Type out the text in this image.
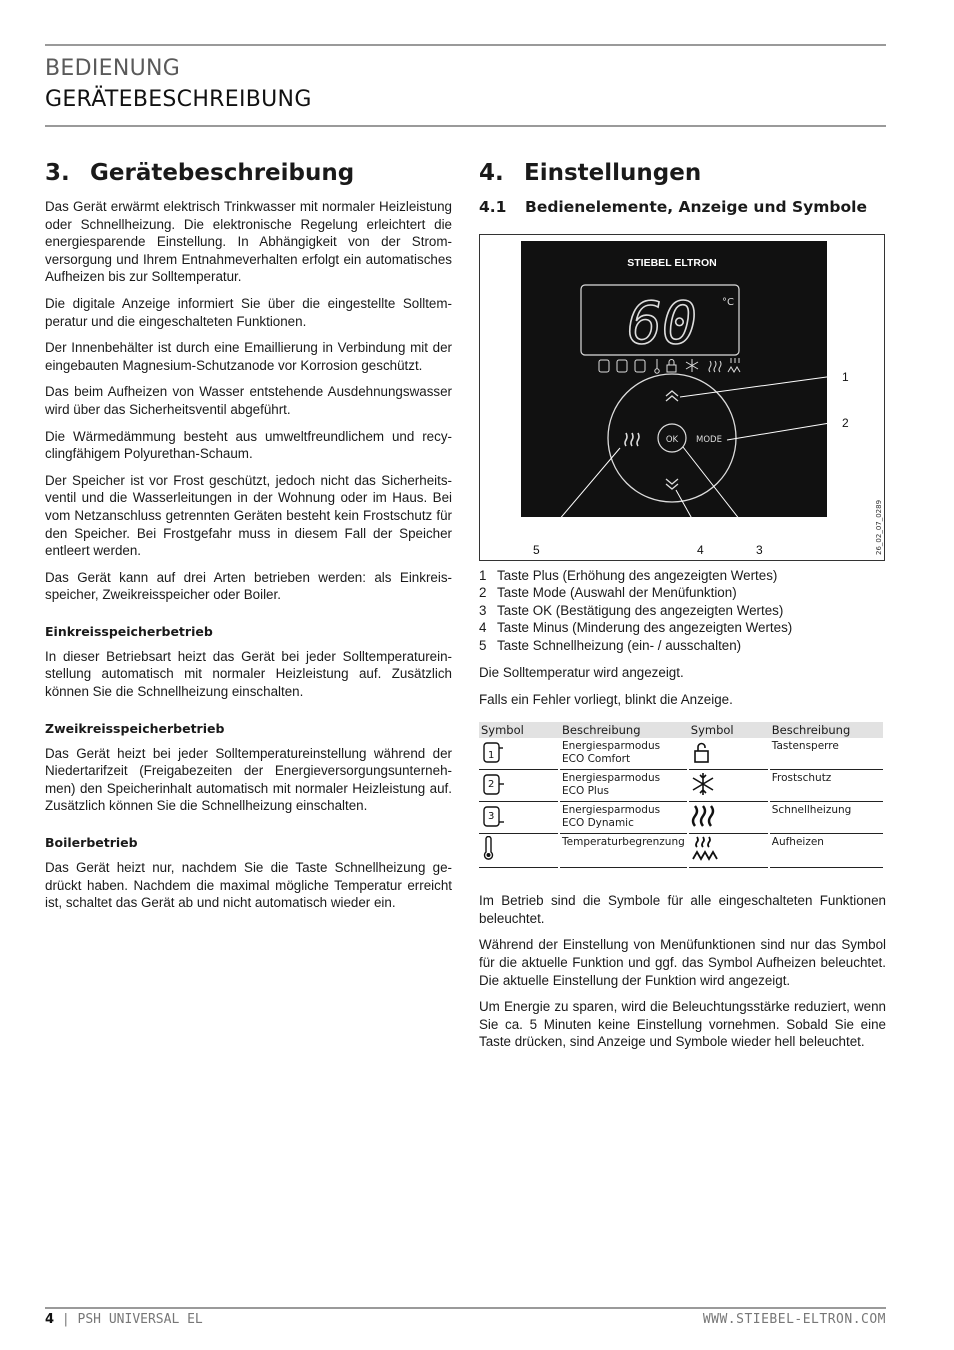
BEDIENUNG
GERÄTEBESCHREIBUNG
3. Gerätebeschreibung

Das Gerät erwärmt elektrisch Trinkwasser mit normaler Heizleistung oder Schnellheizung. Die elektronische Regelung erleichtert die energiesparende Einstellung. In Abhängigkeit von der Stromversorgung und Ihrem Entnahmeverhalten erfolgt ein automatisches Aufheizen bis zur Solltemperatur.

Die digitale Anzeige informiert Sie über die eingestellte Solltemperatur und die eingeschalteten Funktionen.

Der Innenbehälter ist durch eine Emaillierung in Verbindung mit der eingebauten Magnesium-Schutzanode vor Korrosion geschützt.

Das beim Aufheizen von Wasser entstehende Ausdehnungswasser wird über das Sicherheitsventil abgeführt.

Die Wärmedämmung besteht aus umweltfreundlichem und recyclingfähigem Polyurethan-Schaum.

Der Speicher ist vor Frost geschützt, jedoch nicht das Sicherheitsventil und die Wasserleitungen in der Wohnung oder im Haus. Bei vom Netzanschluss getrennten Geräten besteht kein Frostschutz für den Speicher. Bei Frostgefahr muss in diesem Fall der Speicher entleert werden.

Das Gerät kann auf drei Arten betrieben werden: als Einkreisspeicher, Zweikreisspeicher oder Boiler.

Einkreisspeicherbetrieb

In dieser Betriebsart heizt das Gerät bei jeder Solltemperatureinstellung automatisch mit normaler Heizleistung auf. Zusätzlich können Sie die Schnellheizung einschalten.

Zweikreisspeicherbetrieb

Das Gerät heizt bei jeder Solltemperatureinstellung während der Niedertarifzeit (Freigabezeiten der Energieversorgungsunternehmen) den Speicherinhalt automatisch mit normaler Heizleistung auf. Zusätzlich können Sie die Schnellheizung einschalten.

Boilerbetrieb

Das Gerät heizt nur, nachdem Sie die Taste Schnellheizung gedrückt haben. Nachdem die maximal mögliche Temperatur erreicht ist, schaltet das Gerät ab und nicht automatisch wieder ein.

4. Einstellungen
4.1	Bedienelemente, Anzeige und Symbole
STIEBEL ELTRON
60	°C
OK MODE
1
2
3
4
5	26_02_07_0289
1 Taste Plus (Erhöhung des angezeigten Wertes)
2 Taste Mode (Auswahl der Menüfunktion)
3 Taste OK (Bestätigung des angezeigten Wertes)
4 Taste Minus (Minderung des angezeigten Wertes)
5 Taste Schnellheizung (ein- / ausschalten)

Die Solltemperatur wird angezeigt.

Falls ein Fehler vorliegt, blinkt die Anzeige.

Symbol		Beschreibung		Symbol		Beschreibung

1		Energiesparmodus ECO Comfort				Tastensperre

2		Energiesparmodus ECO Plus				Frostschutz

3		Energiesparmodus ECO Dynamic				Schnellheizung
		Temperaturbegrenzung				Aufheizen

Im Betrieb sind die Symbole für alle eingeschalteten Funktionen beleuchtet.

Während der Einstellung von Menüfunktionen sind nur das Symbol für die aktuelle Funktion und ggf. das Symbol Aufheizen beleuchtet. Die aktuelle Einstellung der Funktion wird angezeigt.

Um Energie zu sparen, wird die Beleuchtungsstärke reduziert, wenn Sie ca. 5 Minuten keine Einstellung vornehmen. Sobald Sie eine Taste drücken, sind Anzeige und Symbole wieder hell beleuchtet.

4 | PSH UNIVERSAL EL	WWW.STIEBEL-ELTRON.COM
